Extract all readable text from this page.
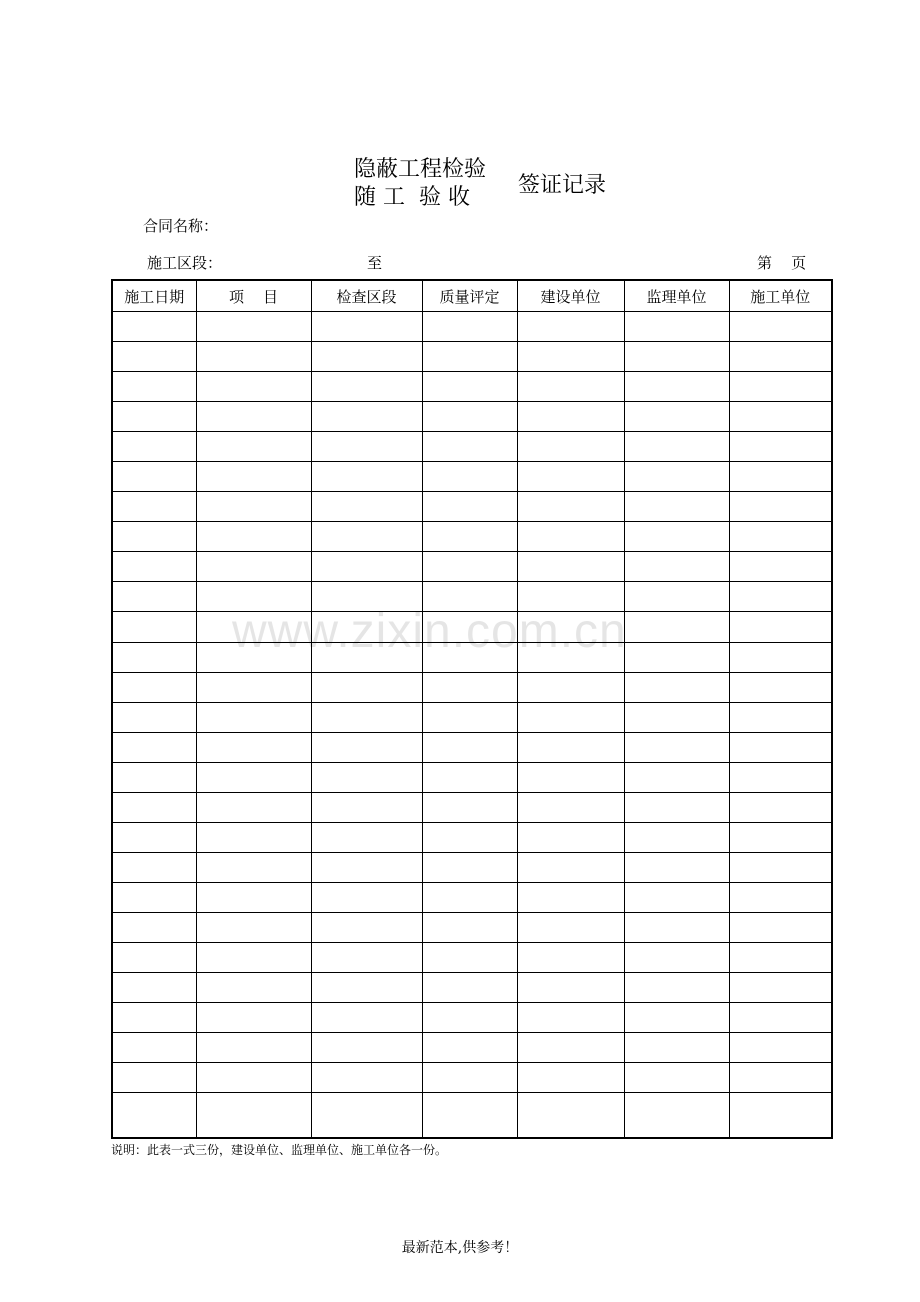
隐蔽工程检验
随 工  验 收 签证记录
合同名称：
施工区段：	至	第    页
www.zixin.com.cn
施工日期	项    目	检查区段	质量评定	建设单位	监理单位	施工单位

说明：此表一式三份，建设单位、监理单位、施工单位各一份。
最新范本,供参考！
